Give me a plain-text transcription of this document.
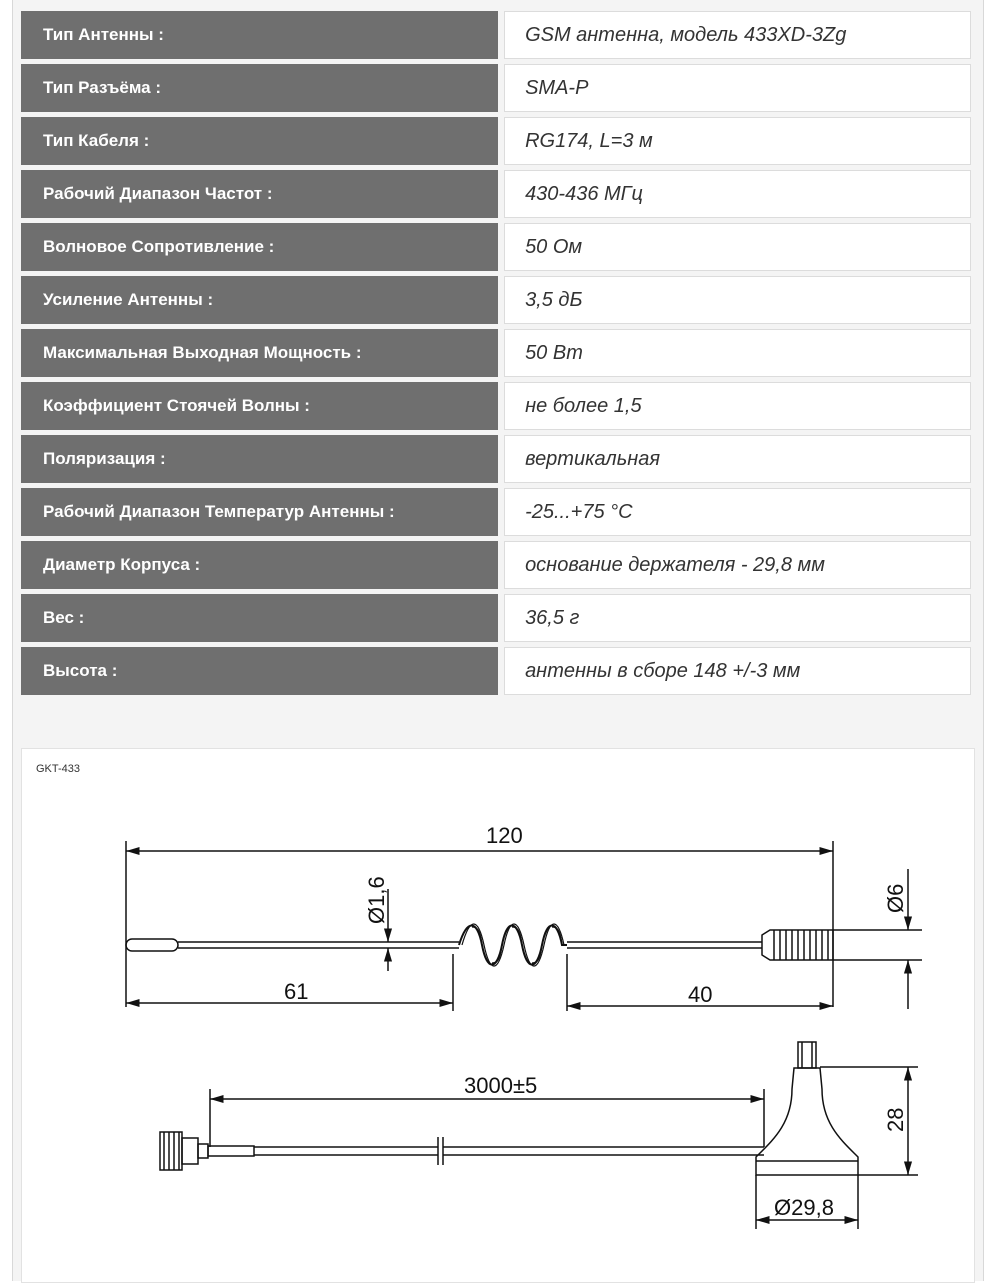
Тип Антенны :	GSM антенна, модель 433XD-3Zg
Тип Разъёма :	SMA-P
Тип Кабеля :	RG174, L=3 м
Рабочий Диапазон Частот :	430-436 МГц
Волновое Сопротивление :	50 Ом
Усиление Антенны :	3,5 дБ
Максимальная Выходная Мощность :	50 Вт
Коэффициент Стоячей Волны :	не более 1,5
Поляризация :	вертикальная
Рабочий Диапазон Температур Антенны :	-25...+75 °C
Диаметр Корпуса :	основание держателя - 29,8 мм
Вес :	36,5 г
Высота :	антенны в сборе 148 +/-3 мм
GKT-433
120
61	40
Ø1,6	Ø6
3000±5
28
Ø29,8
